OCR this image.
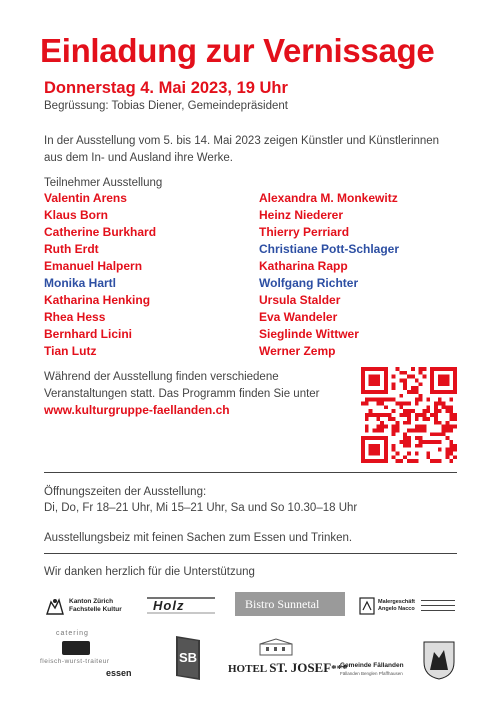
Einladung zur Vernissage
Donnerstag 4. Mai 2023, 19 Uhr
Begrüssung: Tobias Diener, Gemeindepräsident
In der Ausstellung vom 5. bis 14. Mai 2023 zeigen Künstler und Künstlerinnen aus dem In- und Ausland ihre Werke.
Teilnehmer Ausstellung
Valentin Arens
Klaus Born
Catherine Burkhard
Ruth Erdt
Emanuel Halpern
Monika Hartl
Katharina Henking
Rhea Hess
Bernhard Licini
Tian Lutz
Alexandra M. Monkewitz
Heinz Niederer
Thierry Perriard
Christiane Pott-Schlager
Katharina Rapp
Wolfgang Richter
Ursula Stalder
Eva Wandeler
Sieglinde Wittwer
Werner Zemp
Während der Ausstellung finden verschiedene Veranstaltungen statt. Das Programm finden Sie unter
www.kulturgruppe-faellanden.ch
Öffnungszeiten der Ausstellung:
Di, Do, Fr 18–21 Uhr, Mi 15–21 Uhr, Sa und So 10.30–18 Uhr
Ausstellungsbeiz mit feinen Sachen zum Essen und Trinken.
Wir danken herzlich für die Unterstützung
Kanton Zürich
Fachstelle Kultur Holz	Bistro Sunnetal	Malergeschäft
Angelo Nacco
catering
fleisch-wurst-traiteur
essen
SB
HOTEL ST. JOSEF***
Gemeinde Fällanden
Fällanden Benglen Pfaffhausen
